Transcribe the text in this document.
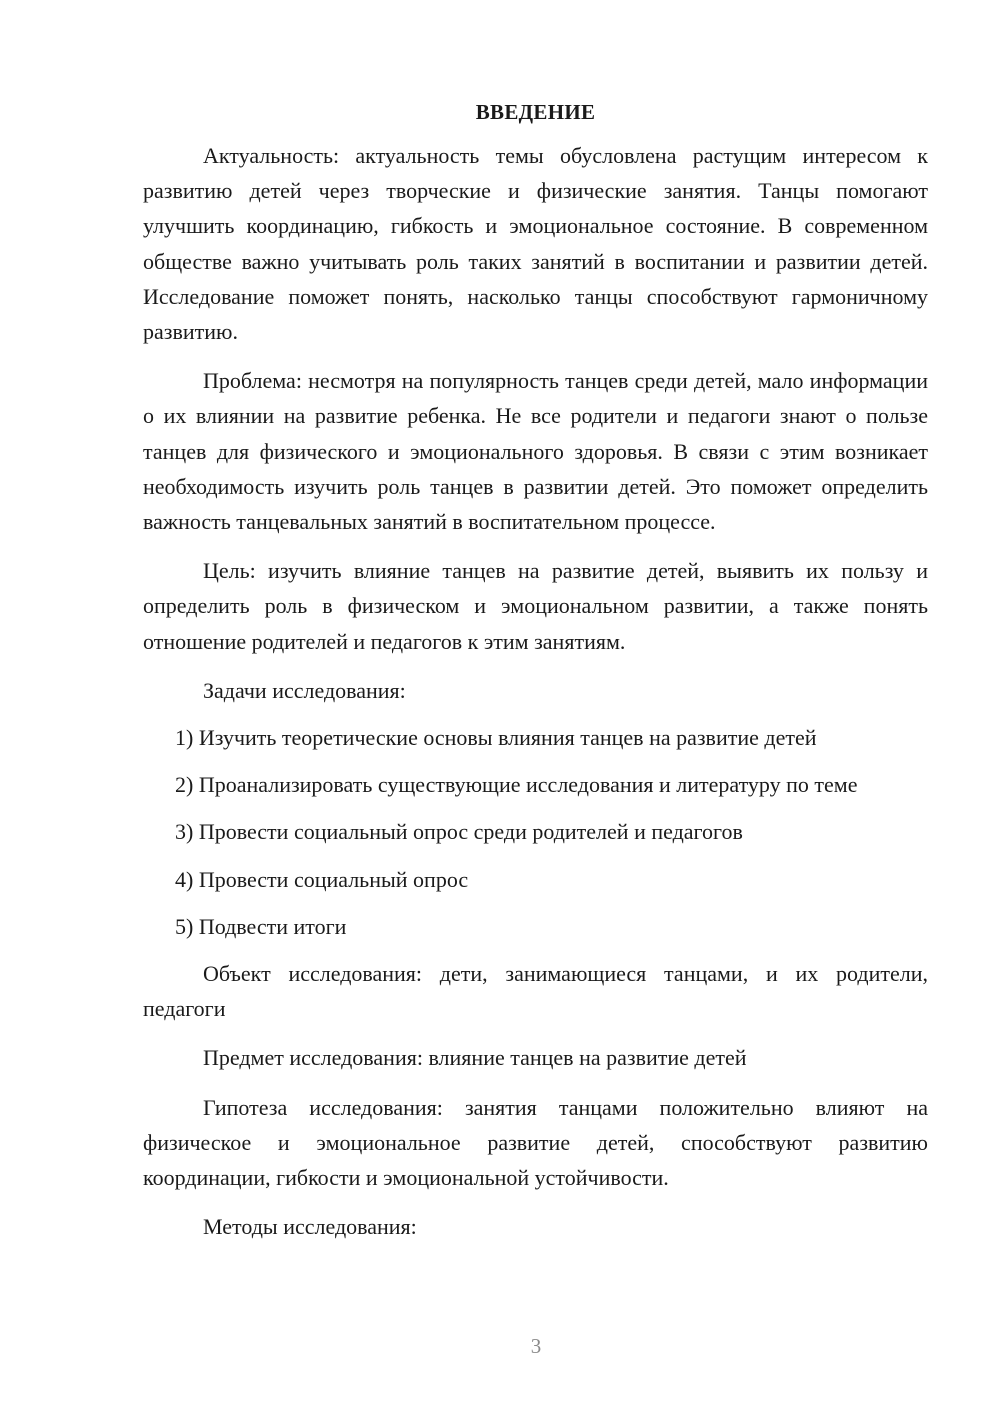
ВВЕДЕНИЕ

Актуальность: актуальность темы обусловлена растущим интересом к развитию детей через творческие и физические занятия. Танцы помогают улучшить координацию, гибкость и эмоциональное состояние. В современном обществе важно учитывать роль таких занятий в воспитании и развитии детей. Исследование поможет понять, насколько танцы способствуют гармоничному развитию.

Проблема: несмотря на популярность танцев среди детей, мало информации о их влиянии на развитие ребенка. Не все родители и педагоги знают о пользе танцев для физического и эмоционального здоровья. В связи с этим возникает необходимость изучить роль танцев в развитии детей. Это поможет определить важность танцевальных занятий в воспитательном процессе.

Цель: изучить влияние танцев на развитие детей, выявить их пользу и определить роль в физическом и эмоциональном развитии, а также понять отношение родителей и педагогов к этим занятиям.

Задачи исследования:

1) Изучить теоретические основы влияния танцев на развитие детей

2) Проанализировать существующие исследования и литературу по теме

3) Провести социальный опрос среди родителей и педагогов

4) Провести социальный опрос

5) Подвести итоги

Объект исследования: дети, занимающиеся танцами, и их родители, педагоги

Предмет исследования: влияние танцев на развитие детей

Гипотеза исследования: занятия танцами положительно влияют на физическое и эмоциональное развитие детей, способствуют развитию координации, гибкости и эмоциональной устойчивости.

Методы исследования:

3
